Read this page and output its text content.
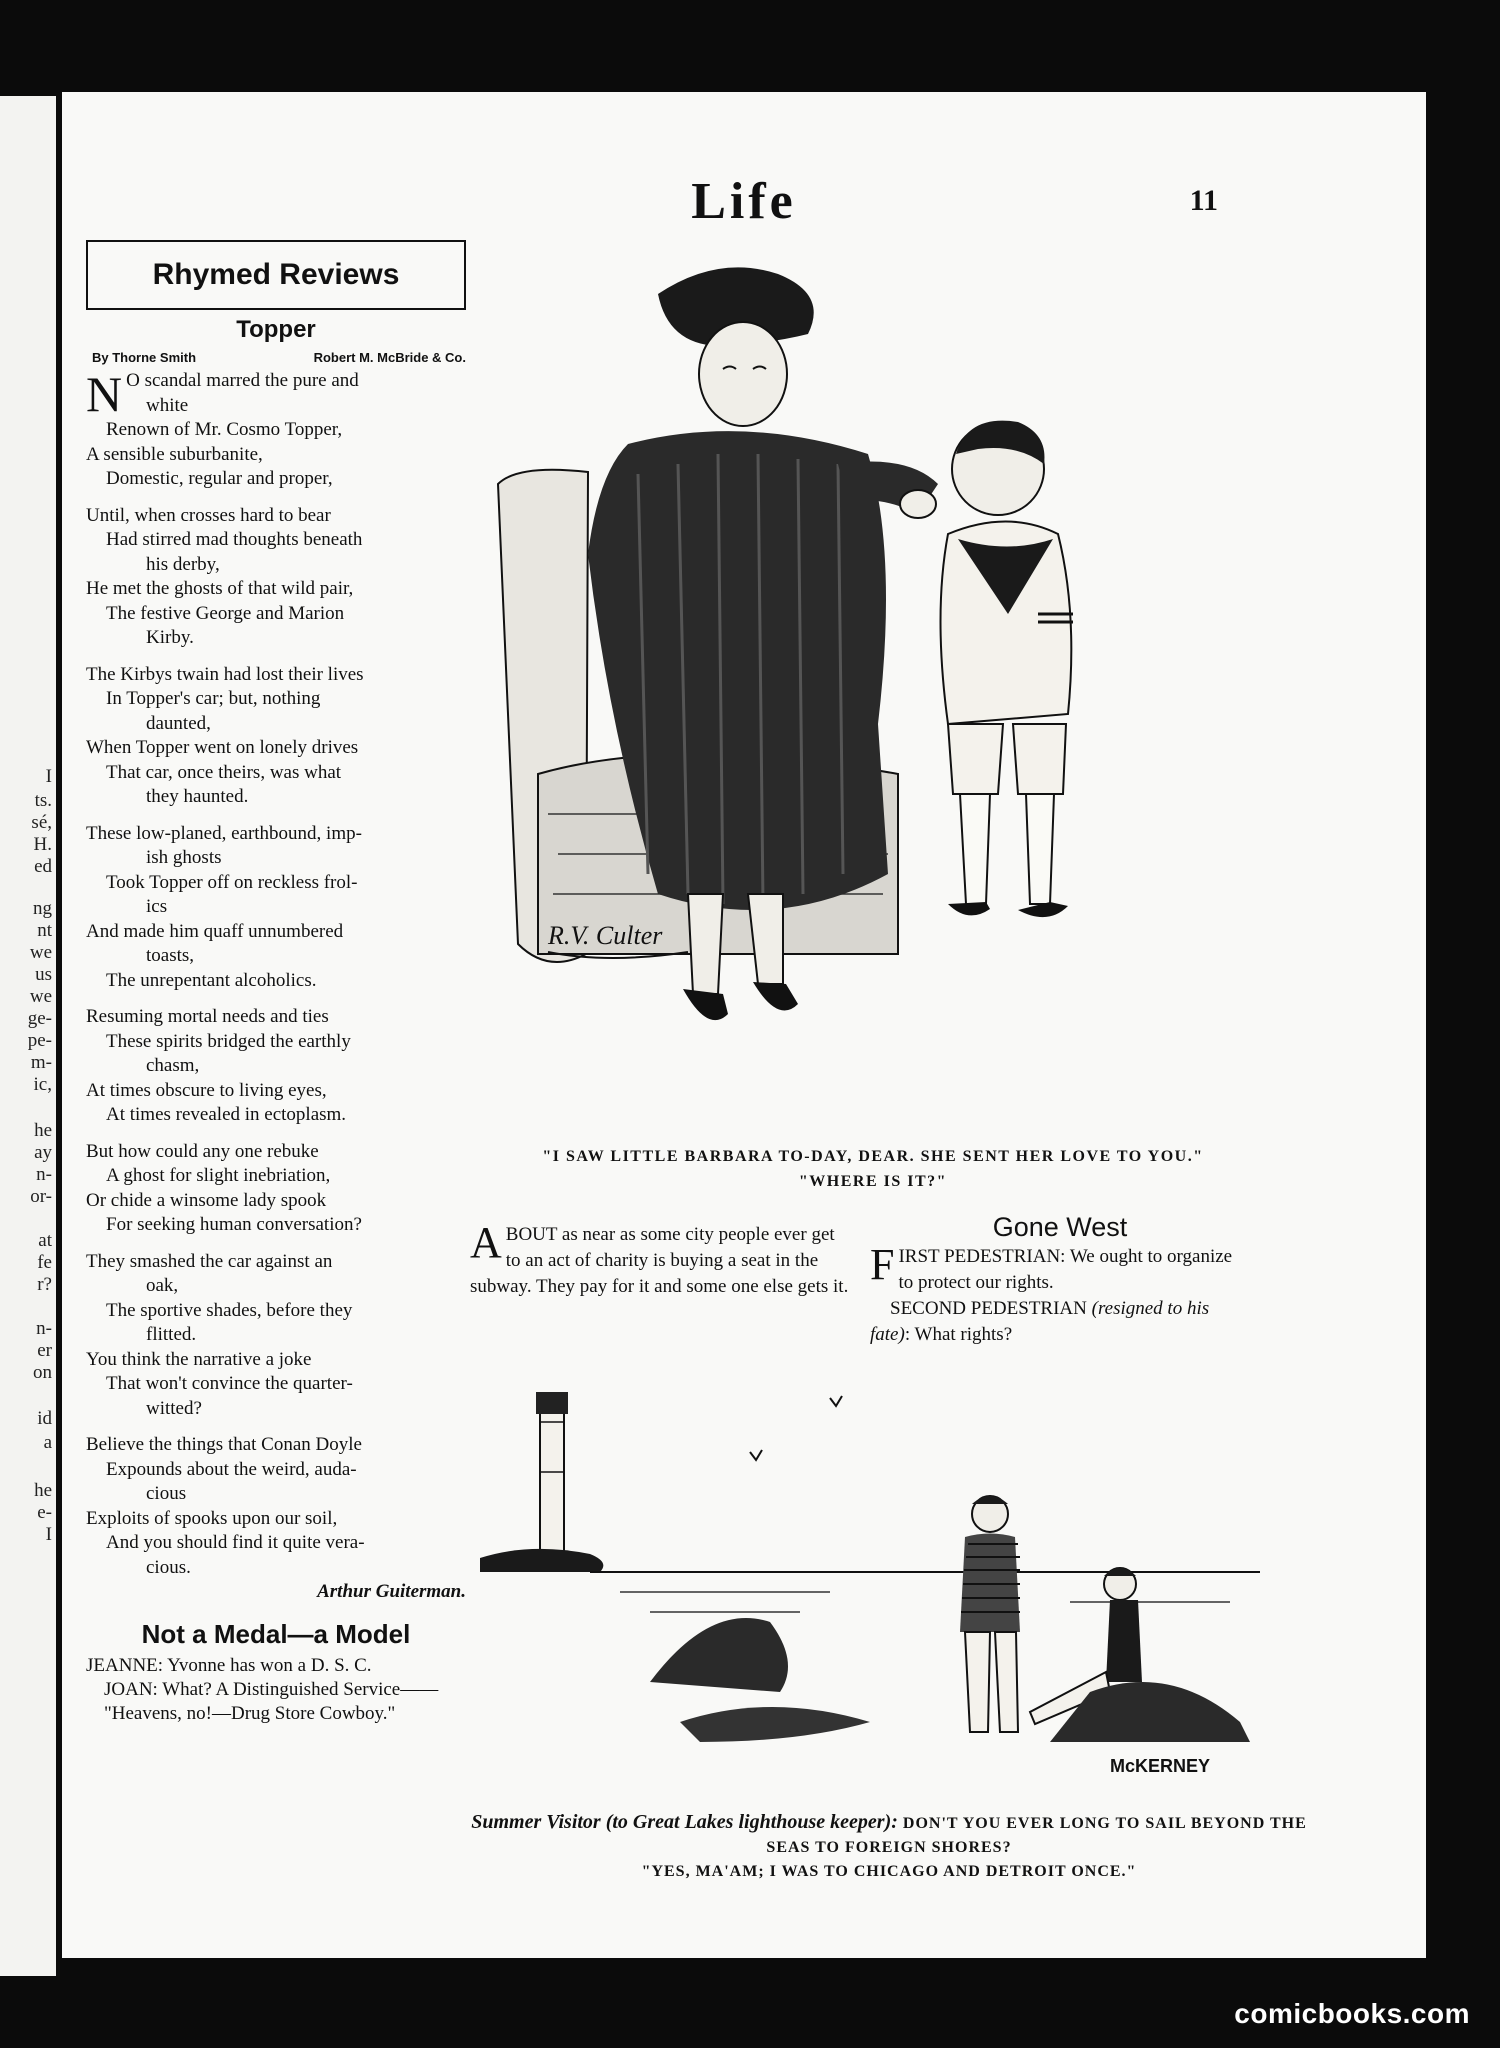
I
ts.
sé,
H.
ed
ng
nt
we
us
we
ge-
pe-
m-
ic,
he
ay
n-
or-
at
fe
r?
n-
er
on
id
a
he
e-
I
Life	11
Rhymed Reviews
Topper
By Thorne Smith	Robert M. McBride & Co.
N O scandal marred the pure and
white
Renown of Mr. Cosmo Topper,
A sensible suburbanite,
Domestic, regular and proper,
Until, when crosses hard to bear
Had stirred mad thoughts beneath
his derby,
He met the ghosts of that wild pair,
The festive George and Marion
Kirby.
The Kirbys twain had lost their lives
In Topper's car; but, nothing
daunted,
When Topper went on lonely drives
That car, once theirs, was what
they haunted.
These low-planed, earthbound, imp-
ish ghosts
Took Topper off on reckless frol-
ics
And made him quaff unnumbered
toasts,
The unrepentant alcoholics.
Resuming mortal needs and ties
These spirits bridged the earthly
chasm,
At times obscure to living eyes,
At times revealed in ectoplasm.
But how could any one rebuke
A ghost for slight inebriation,
Or chide a winsome lady spook
For seeking human conversation?
They smashed the car against an
oak,
The sportive shades, before they
flitted.
You think the narrative a joke
That won't convince the quarter-
witted?
Believe the things that Conan Doyle
Expounds about the weird, auda-
cious
Exploits of spooks upon our soil,
And you should find it quite vera-
cious.
Arthur Guiterman.
Not a Medal—a Model

JEANNE: Yvonne has won a D. S. C.

JOAN: What? A Distinguished Service——

"Heavens, no!—Drug Store Cowboy."

R.V. Culter
"I SAW LITTLE BARBARA TO-DAY, DEAR. SHE SENT HER LOVE TO YOU."
"WHERE IS IT?"
A BOUT as near as some city people ever get to an act of charity is buying a seat in the subway. They pay for it and some one else gets it.
Gone West
F IRST PEDESTRIAN: We ought to organize to protect our rights.
SECOND PEDESTRIAN (resigned to his fate): What rights?
McKERNEY
Summer Visitor (to Great Lakes lighthouse keeper): DON'T YOU EVER LONG TO SAIL BEYOND THE SEAS TO FOREIGN SHORES?
"YES, MA'AM; I WAS TO CHICAGO AND DETROIT ONCE."
comicbooks.com
